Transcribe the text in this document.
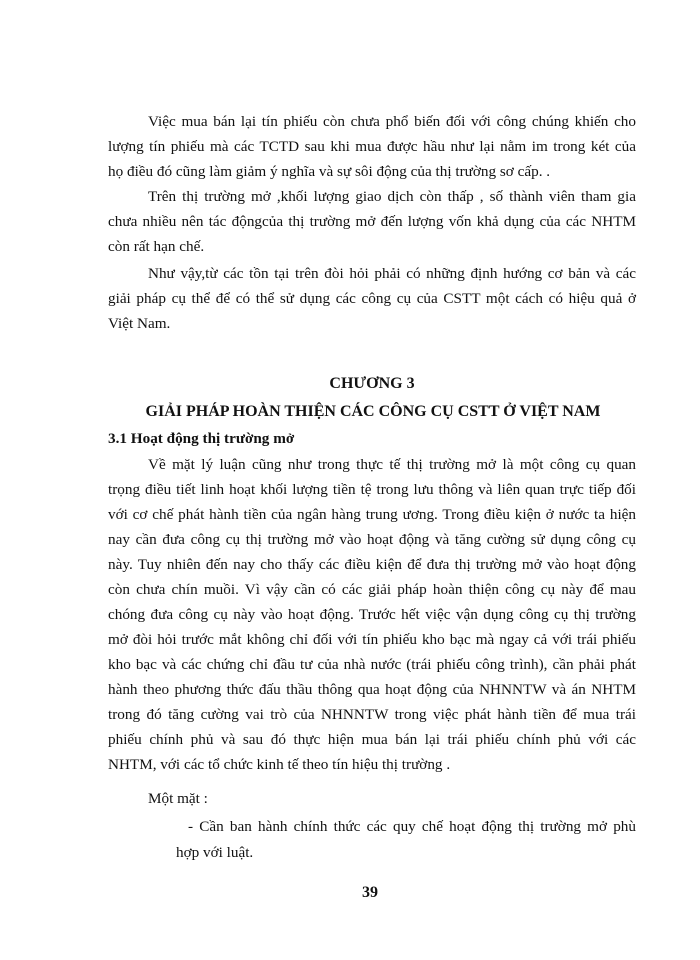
Việc mua bán lại tín phiếu còn chưa phổ biến đối với công chúng khiến cho
lượng tín phiếu mà các TCTD sau khi mua được hầu như lại nằm im trong két của
họ điều đó cũng làm giảm ý nghĩa và sự sôi động của thị trường sơ cấp. .
Trên thị trường mở ,khối lượng giao dịch còn thấp , số thành viên tham gia
chưa nhiều nên tác độngcủa thị trường mở đến lượng vốn khả dụng của các NHTM
còn rất hạn chế.
Như vậy,từ các tồn tại trên đòi hỏi phải có những định hướng cơ bản và các
giải pháp cụ thể để có thể sử dụng các công cụ của CSTT một cách có hiệu quả ở
Việt Nam.
CHƯƠNG 3
GIẢI PHÁP HOÀN THIỆN CÁC CÔNG CỤ CSTT Ở VIỆT NAM
3.1 Hoạt động thị trường mở
Về mặt lý luận cũng như trong thực tế thị trường mở là một công cụ quan
trọng điều tiết linh hoạt khối lượng tiền tệ trong lưu thông và liên quan trực tiếp đối
với cơ chế phát hành tiền của ngân hàng trung ương. Trong điều kiện ở nước ta hiện
nay cần đưa công cụ thị trường mở vào hoạt động và tăng cường sử dụng công cụ
này. Tuy nhiên đến nay cho thấy các điều kiện để đưa thị trường mở vào hoạt động
còn chưa chín muồi. Vì vậy cần có các giải pháp hoàn thiện công cụ này để mau
chóng đưa công cụ này vào hoạt động. Trước hết việc vận dụng công cụ thị trường
mở đòi hỏi trước mắt không chỉ đối với tín phiếu kho bạc mà ngay cả với trái phiếu
kho bạc và các chứng chỉ đầu tư của nhà nước (trái phiếu công trình), cần phải phát
hành theo phương thức đấu thầu thông qua hoạt động của NHNNTW và án NHTM
trong đó tăng cường vai trò của NHNNTW trong việc phát hành tiền để mua trái
phiếu chính phủ và sau đó thực hiện mua bán lại trái phiếu chính phủ với các
NHTM, với các tổ chức kinh tế theo tín hiệu thị trường .
Một mặt :
- Cần ban hành chính thức các quy chế hoạt động thị trường mở phù
hợp với luật.
39
